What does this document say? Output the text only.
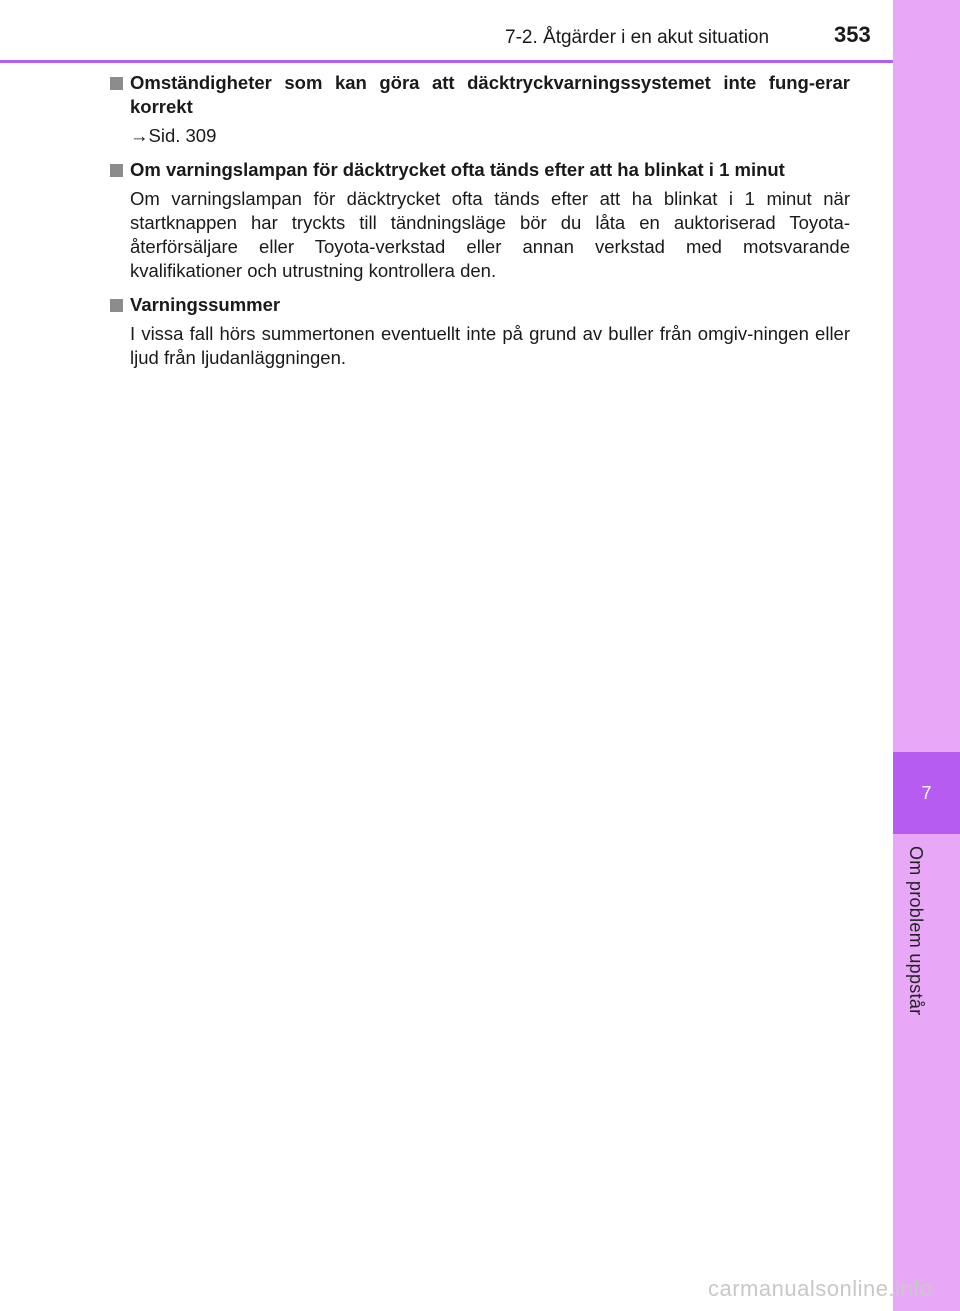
7
Om problem uppstår
7-2. Åtgärder i en akut situation	353
Omständigheter som kan göra att däcktryckvarningssystemet inte fung-erar korrekt
→Sid. 309
Om varningslampan för däcktrycket ofta tänds efter att ha blinkat i 1 minut
Om varningslampan för däcktrycket ofta tänds efter att ha blinkat i 1 minut när startknappen har tryckts till tändningsläge bör du låta en auktoriserad Toyota-återförsäljare eller Toyota-verkstad eller annan verkstad med motsvarande kvalifikationer och utrustning kontrollera den.
Varningssummer
I vissa fall hörs summertonen eventuellt inte på grund av buller från omgiv-ningen eller ljud från ljudanläggningen.
carmanualsonline.info
